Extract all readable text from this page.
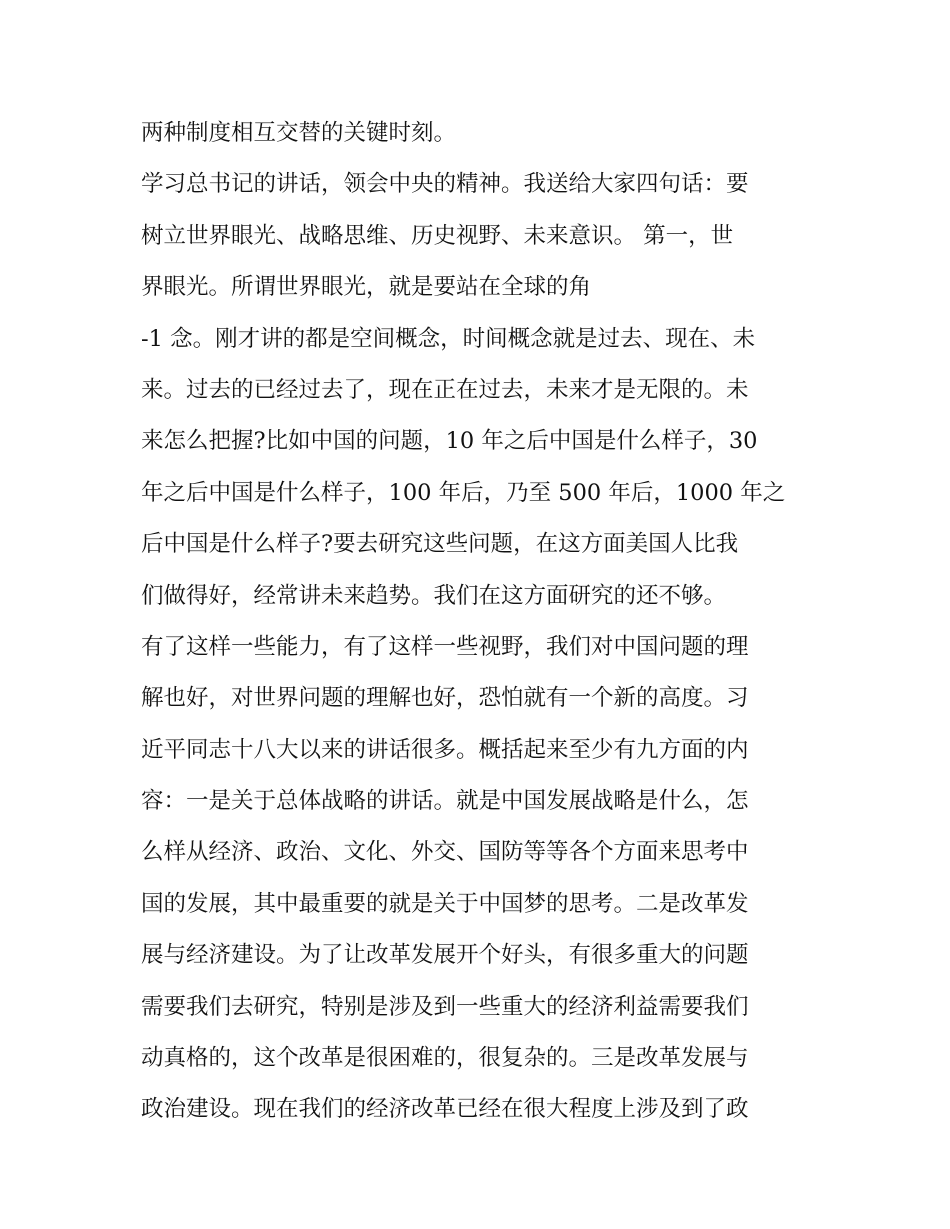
两种制度相互交替的关键时刻。
学习总书记的讲话，领会中央的精神。我送给大家四句话：要
树立世界眼光、战略思维、历史视野、未来意识。 第一，世
界眼光。所谓世界眼光，就是要站在全球的角
-1 念。刚才讲的都是空间概念，时间概念就是过去、现在、未
来。过去的已经过去了，现在正在过去，未来才是无限的。未
来怎么把握?比如中国的问题，10 年之后中国是什么样子，30
年之后中国是什么样子，100 年后，乃至 500 年后，1000 年之
后中国是什么样子?要去研究这些问题，在这方面美国人比我
们做得好，经常讲未来趋势。我们在这方面研究的还不够。
有了这样一些能力，有了这样一些视野，我们对中国问题的理
解也好，对世界问题的理解也好，恐怕就有一个新的高度。习
近平同志十八大以来的讲话很多。概括起来至少有九方面的内
容：一是关于总体战略的讲话。就是中国发展战略是什么，怎
么样从经济、政治、文化、外交、国防等等各个方面来思考中
国的发展，其中最重要的就是关于中国梦的思考。二是改革发
展与经济建设。为了让改革发展开个好头，有很多重大的问题
需要我们去研究，特别是涉及到一些重大的经济利益需要我们
动真格的，这个改革是很困难的，很复杂的。三是改革发展与
政治建设。现在我们的经济改革已经在很大程度上涉及到了政
